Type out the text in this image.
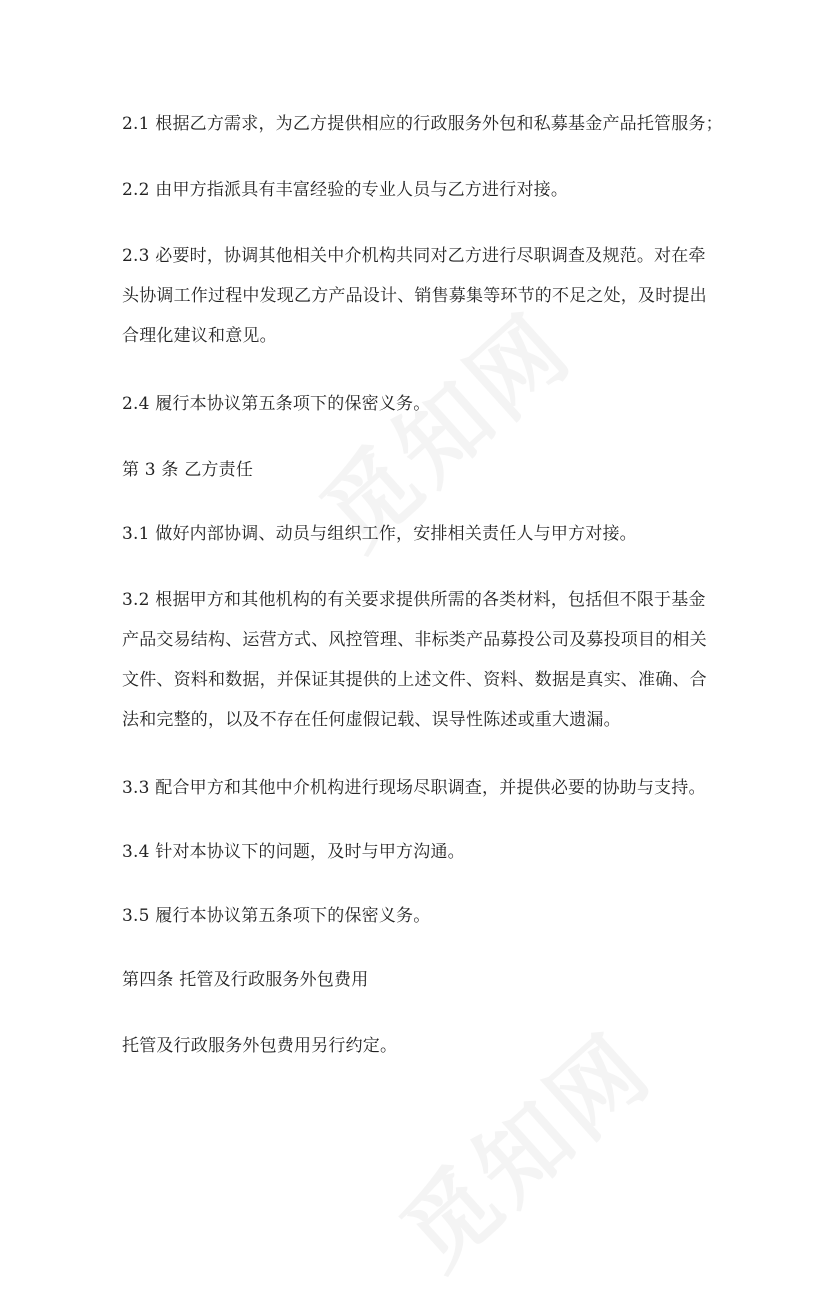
2.1 根据乙方需求，为乙方提供相应的行政服务外包和私募基金产品托管服务；

2.2 由甲方指派具有丰富经验的专业人员与乙方进行对接。

2.3 必要时，协调其他相关中介机构共同对乙方进行尽职调查及规范。对在牵头协调工作过程中发现乙方产品设计、销售募集等环节的不足之处，及时提出合理化建议和意见。

2.4 履行本协议第五条项下的保密义务。

第 3 条 乙方责任

3.1 做好内部协调、动员与组织工作，安排相关责任人与甲方对接。

3.2 根据甲方和其他机构的有关要求提供所需的各类材料，包括但不限于基金产品交易结构、运营方式、风控管理、非标类产品募投公司及募投项目的相关文件、资料和数据，并保证其提供的上述文件、资料、数据是真实、准确、合法和完整的，以及不存在任何虚假记载、误导性陈述或重大遗漏。

3.3 配合甲方和其他中介机构进行现场尽职调查，并提供必要的协助与支持。

3.4 针对本协议下的问题，及时与甲方沟通。

3.5 履行本协议第五条项下的保密义务。

第四条 托管及行政服务外包费用

托管及行政服务外包费用另行约定。
